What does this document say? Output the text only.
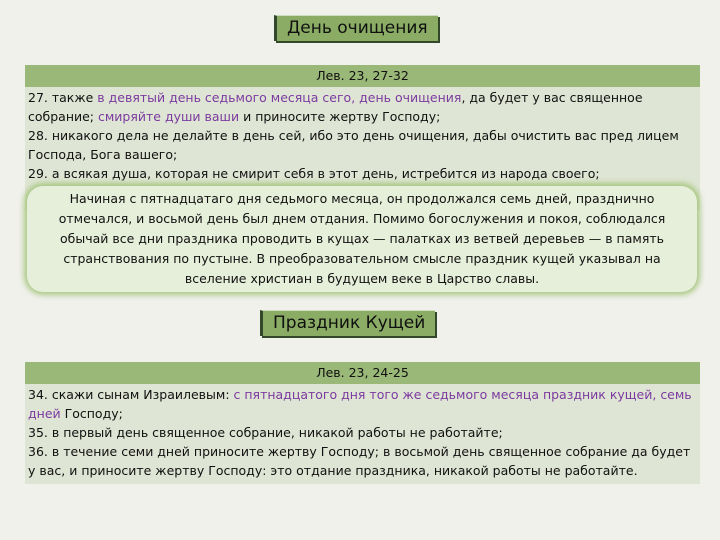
День очищения
Лев. 23, 27-32

27. также в девятый день седьмого месяца сего, день очищения, да будет у вас священное собрание; смиряйте души ваши и приносите жертву Господу;

28. никакого дела не делайте в день сей, ибо это день очищения, дабы очистить вас пред лицем Господа, Бога вашего;

29. а всякая душа, которая не смирит себя в этот день, истребится из народа своего;

Начиная с пятнадцатаго дня седьмого месяца, он продолжался семь дней, празднично отмечался, и восьмой день был днем отдания. Помимо богослужения и покоя, соблюдался обычай все дни праздника проводить в кущах — палатках из ветвей деревьев — в память странствования по пустыне. В преобразовательном смысле праздник кущей указывал на вселение христиан в будущем веке в Царство славы.
Праздник Кущей
Лев. 23, 24-25

34. скажи сынам Израилевым: с пятнадцатого дня того же седьмого месяца праздник кущей, семь дней Господу;

35. в первый день священное собрание, никакой работы не работайте;

36. в течение семи дней приносите жертву Господу; в восьмой день священное собрание да будет у вас, и приносите жертву Господу: это отдание праздника, никакой работы не работайте.
